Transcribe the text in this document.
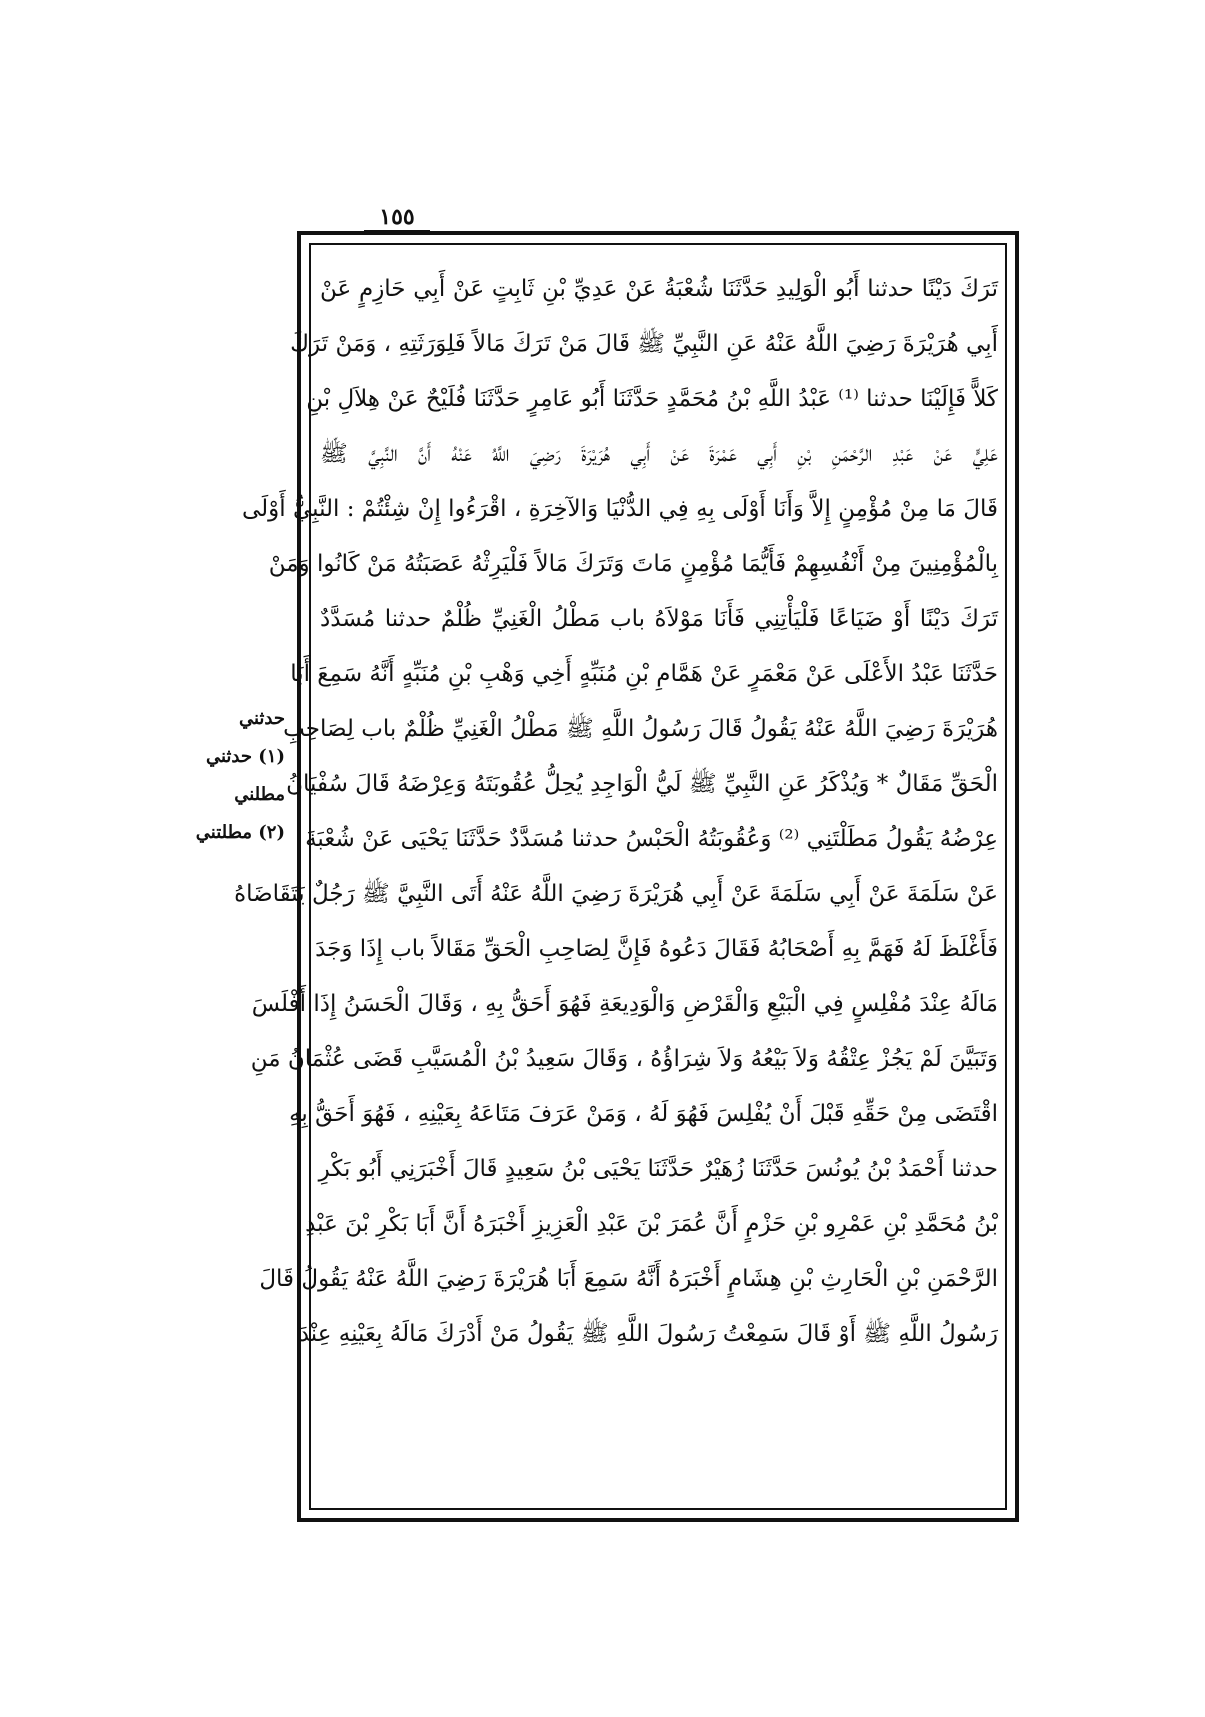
١٥٥
تَرَكَ دَيْنًا حدثنا أَبُو الْوَلِيدِ حَدَّثَنَا شُعْبَةُ عَنْ عَدِيِّ بْنِ ثَابِتٍ عَنْ أَبِي حَازِمٍ عَنْ
أَبِي هُرَيْرَةَ رَضِيَ اللَّهُ عَنْهُ عَنِ النَّبِيِّ ﷺ قَالَ مَنْ تَرَكَ مَالاً فَلِوَرَثَتِهِ ، وَمَنْ تَرَكَ
كَلاًّ فَإِلَيْنَا حدثنا ⁽¹⁾ عَبْدُ اللَّهِ بْنُ مُحَمَّدٍ حَدَّثَنَا أَبُو عَامِرٍ حَدَّثَنَا فُلَيْحٌ عَنْ هِلاَلِ بْنِ
عَلِيٍّ عَنْ عَبْدِ الرَّحْمَنِ بْنِ أَبِي عَمْرَةَ عَنْ أَبِي هُرَيْرَةَ رَضِيَ اللَّهُ عَنْهُ أَنَّ النَّبِيَّ ﷺ
قَالَ مَا مِنْ مُؤْمِنٍ إِلاَّ وَأَنَا أَوْلَى بِهِ فِي الدُّنْيَا وَالآخِرَةِ ، اقْرَءُوا إِنْ شِئْتُمْ : النَّبِيُّ أَوْلَى
بِالْمُؤْمِنِينَ مِنْ أَنْفُسِهِمْ فَأَيُّمَا مُؤْمِنٍ مَاتَ وَتَرَكَ مَالاً فَلْيَرِثْهُ عَصَبَتُهُ مَنْ كَانُوا وَمَنْ
تَرَكَ دَيْنًا أَوْ ضَيَاعًا فَلْيَأْتِنِي فَأَنَا مَوْلاَهُ باب مَطْلُ الْغَنِيِّ ظُلْمٌ حدثنا مُسَدَّدٌ
حَدَّثَنَا عَبْدُ الأَعْلَى عَنْ مَعْمَرٍ عَنْ هَمَّامِ بْنِ مُنَبِّهٍ أَخِي وَهْبِ بْنِ مُنَبِّهٍ أَنَّهُ سَمِعَ أَبَا
هُرَيْرَةَ رَضِيَ اللَّهُ عَنْهُ يَقُولُ قَالَ رَسُولُ اللَّهِ ﷺ مَطْلُ الْغَنِيِّ ظُلْمٌ باب لِصَاحِبِ
الْحَقِّ مَقَالٌ * وَيُذْكَرُ عَنِ النَّبِيِّ ﷺ لَيُّ الْوَاجِدِ يُحِلُّ عُقُوبَتَهُ وَعِرْضَهُ قَالَ سُفْيَانُ
عِرْضُهُ يَقُولُ مَطَلْتَنِي ⁽²⁾ وَعُقُوبَتُهُ الْحَبْسُ حدثنا مُسَدَّدٌ حَدَّثَنَا يَحْيَى عَنْ شُعْبَةَ
عَنْ سَلَمَةَ عَنْ أَبِي سَلَمَةَ عَنْ أَبِي هُرَيْرَةَ رَضِيَ اللَّهُ عَنْهُ أَتَى النَّبِيَّ ﷺ رَجُلٌ يَتَقَاضَاهُ
فَأَغْلَظَ لَهُ فَهَمَّ بِهِ أَصْحَابُهُ فَقَالَ دَعُوهُ فَإِنَّ لِصَاحِبِ الْحَقِّ مَقَالاً باب إِذَا وَجَدَ
مَالَهُ عِنْدَ مُفْلِسٍ فِي الْبَيْعِ وَالْقَرْضِ وَالْوَدِيعَةِ فَهُوَ أَحَقُّ بِهِ ، وَقَالَ الْحَسَنُ إِذَا أَفْلَسَ
وَتَبَيَّنَ لَمْ يَجُزْ عِتْقُهُ وَلاَ بَيْعُهُ وَلاَ شِرَاؤُهُ ، وَقَالَ سَعِيدُ بْنُ الْمُسَيَّبِ قَضَى عُثْمَانُ مَنِ
اقْتَضَى مِنْ حَقِّهِ قَبْلَ أَنْ يُفْلِسَ فَهُوَ لَهُ ، وَمَنْ عَرَفَ مَتَاعَهُ بِعَيْنِهِ ، فَهُوَ أَحَقُّ بِهِ
حدثنا أَحْمَدُ بْنُ يُونُسَ حَدَّثَنَا زُهَيْرٌ حَدَّثَنَا يَحْيَى بْنُ سَعِيدٍ قَالَ أَخْبَرَنِي أَبُو بَكْرِ
بْنُ مُحَمَّدِ بْنِ عَمْرِو بْنِ حَزْمٍ أَنَّ عُمَرَ بْنَ عَبْدِ الْعَزِيزِ أَخْبَرَهُ أَنَّ أَبَا بَكْرِ بْنَ عَبْدِ
الرَّحْمَنِ بْنِ الْحَارِثِ بْنِ هِشَامٍ أَخْبَرَهُ أَنَّهُ سَمِعَ أَبَا هُرَيْرَةَ رَضِيَ اللَّهُ عَنْهُ يَقُولُ قَالَ
رَسُولُ اللَّهِ ﷺ أَوْ قَالَ سَمِعْتُ رَسُولَ اللَّهِ ﷺ يَقُولُ مَنْ أَدْرَكَ مَالَهُ بِعَيْنِهِ عِنْدَ
حدثني
(١) حدثني
مطلني
(٢) مطلتني
